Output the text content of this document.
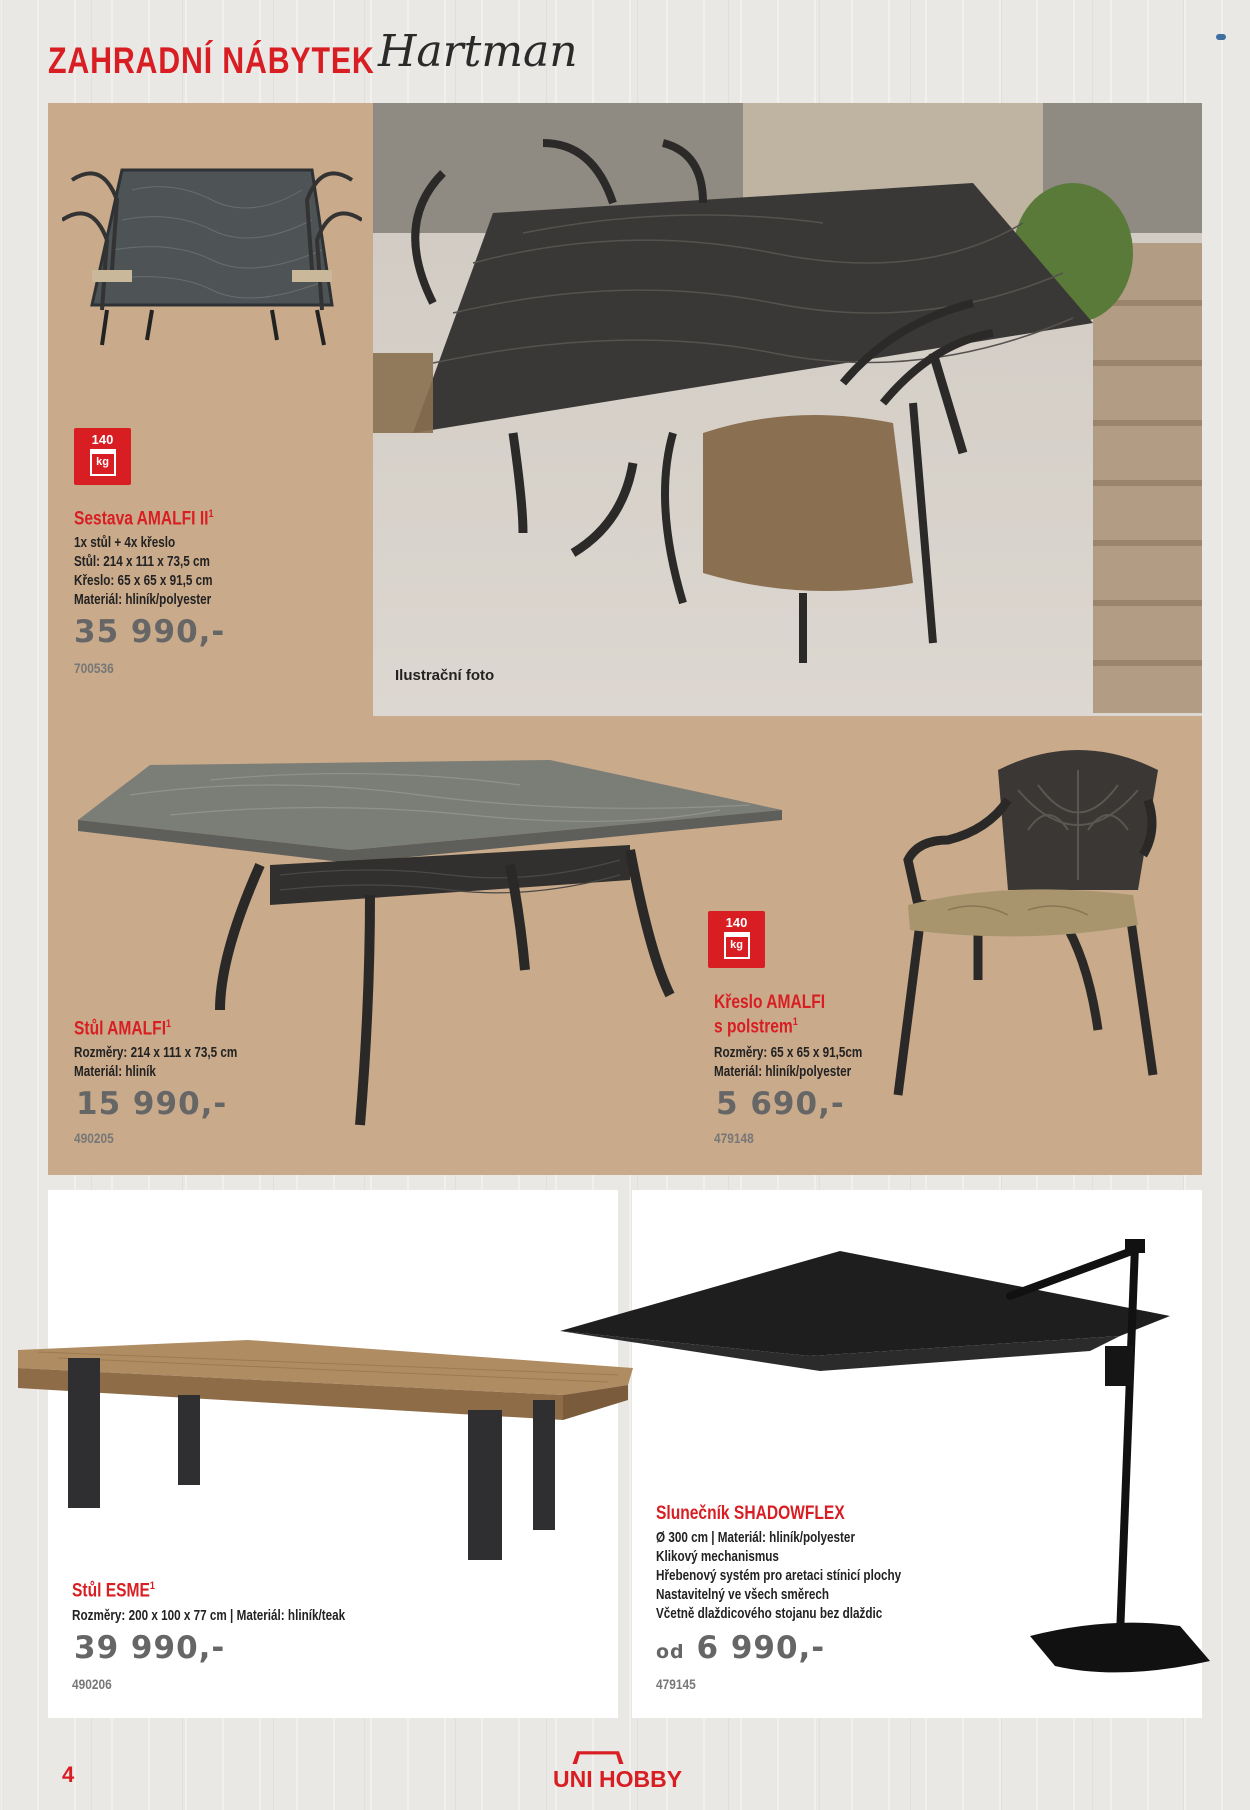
ZAHRADNÍ NÁBYTEK Hartman
140
kg
Sestava AMALFI $II^1$
1x stůl + 4x křeslo
Stůl: 214 x 111 x 73,5 cm
Křeslo: 65 x 65 x 91,5 cm
Materiál: hliník/polyester
35 990,-
700536	Ilustrační foto
Stůl AMALFI$^1$
Rozměry: 214 x 111 x 73,5 cm
Materiál: hliník
15 990,-
490205
140
kg
Křeslo AMALFI
s polstrem$^1$
Rozměry: 65 x 65 x 91,5cm
Materiál: hliník/polyester
5 690,-
479148
Stůl ESME$^1$
Rozměry: 200 x 100 x 77 cm | Materiál: hliník/teak
39 990,-
490206
Slunečník SHADOWFLEX
Ø 300 cm | Materiál: hliník/polyester
Klikový mechanismus
Hřebenový systém pro aretaci stínicí plochy
Nastavitelný ve všech směrech
Včetně dlaždicového stojanu bez dlaždic
od 6 990,-
479145
4	UNI HOBBY
